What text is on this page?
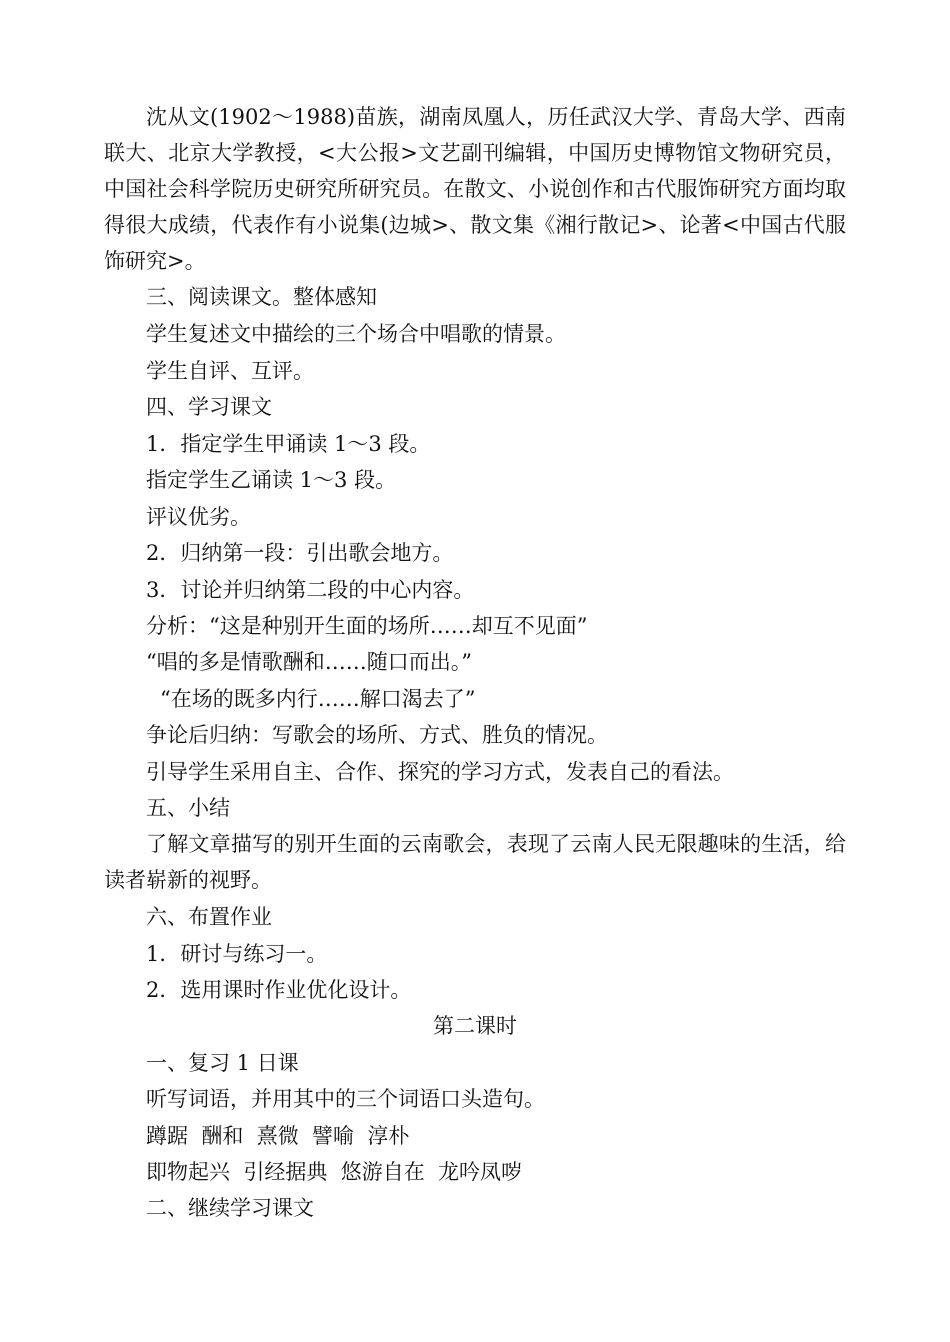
沈从文(1902～1988)苗族，湖南凤凰人，历任武汉大学、青岛大学、西南联大、北京大学教授，<大公报>文艺副刊编辑，中国历史博物馆文物研究员，中国社会科学院历史研究所研究员。在散文、小说创作和古代服饰研究方面均取得很大成绩，代表作有小说集(边城>、散文集《湘行散记>、论著<中国古代服饰研究>。

三、阅读课文。整体感知

学生复述文中描绘的三个场合中唱歌的情景。

学生自评、互评。

四、学习课文

1．指定学生甲诵读 1～3 段。

指定学生乙诵读 1～3 段。

评议优劣。

2．归纳第一段：引出歌会地方。

3．讨论并归纳第二段的中心内容。

分析：“这是种别开生面的场所……却互不见面”

“唱的多是情歌酬和……随口而出。”

“在场的既多内行……解口渴去了”

争论后归纳：写歌会的场所、方式、胜负的情况。

引导学生采用自主、合作、探究的学习方式，发表自己的看法。

五、小结

了解文章描写的别开生面的云南歌会，表现了云南人民无限趣味的生活，给读者崭新的视野。

六、布置作业

1．研讨与练习一。

2．选用课时作业优化设计。

第二课时

一、复习 1 日课

听写词语，并用其中的三个词语口头造句。

蹲踞  酬和  熹微  譬喻  淳朴

即物起兴  引经据典  悠游自在  龙吟凤哕

二、继续学习课文
